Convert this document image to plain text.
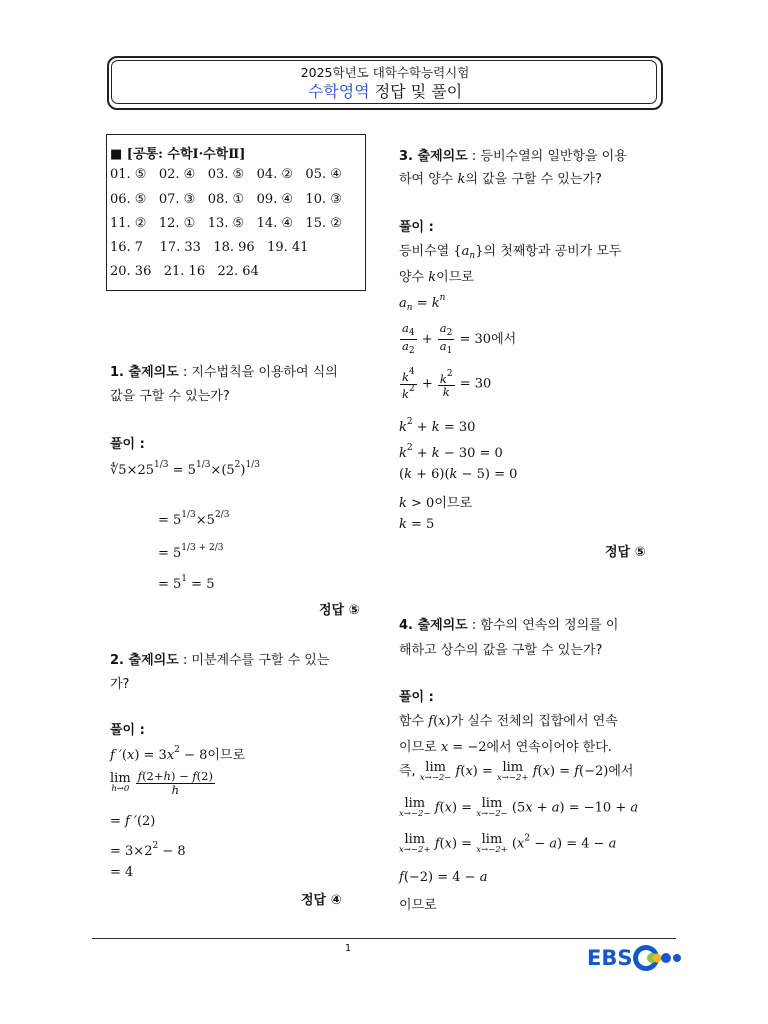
2025학년도 대학수학능력시험
수학영역 정답 및 풀이
■ [공통: 수학Ⅰ·수학Ⅱ]
01. ⑤   02. ④   03. ⑤   04. ②   05. ④
06. ⑤   07. ③   08. ①   09. ④   10. ③
11. ②   12. ①   13. ⑤   14. ④   15. ②
16. 7    17. 33   18. 96   19. 41
20. 36   21. 16   22. 64
1. 출제의도 : 지수법칙을 이용하여 식의
값을 구할 수 있는가?
풀이 :
$∜5\times 25^{1/3} = 5^{1/3}\times(5^2)^{1/3}$
= $5^{1/3}\times 5^{2/3}$
= $5^{1/3 + 2/3}$
= $5^1 = 5$
정답 ⑤
2. 출제의도 : 미분계수를 구할 수 있는
가?
풀이 :
f $'(x) = 3x^2 - 8$이므로
lim
h→0
$\frac{f(2+h) - f(2)}{h}$
= f ′(2)
= $3\times 2^2 - 8$
= 4
정답 ④
3. 출제의도 : 등비수열의 일반항을 이용
하여 양수 k의 값을 구할 수 있는가?
풀이 :
등비수열 $\{a_n\}$의 첫째항과 공비가 모두
양수 k이므로
$a_n = k^n$
$\frac{a_4}{a_2} + \frac{a_2}{a_1} = 30$에서
$\frac{k^4}{k^2} + \frac{k^2}{k} = 30$
$k^2 + k = 30$
$k^2 + k - 30 = 0$
(k + 6)(k − 5) = 0
k > 0이므로
k = 5
정답 ⑤
4. 출제의도 : 함수의 연속의 정의를 이
해하고 상수의 값을 구할 수 있는가?
풀이 :
함수 f(x)가 실수 전체의 집합에서 연속
이므로 x = −2에서 연속이어야 한다.
즉, lim
x→−2− f(x) = lim
x→−2+ f(x) = f(−2)에서
lim
x→−2− f(x) = lim
x→−2− (5x + a) = −10 + a
lim
x→−2+ f(x) = lim
$x\to-2+ (x^2 - a) = 4 - a$
f(−2) = 4 − a
이므로
1	EBS
